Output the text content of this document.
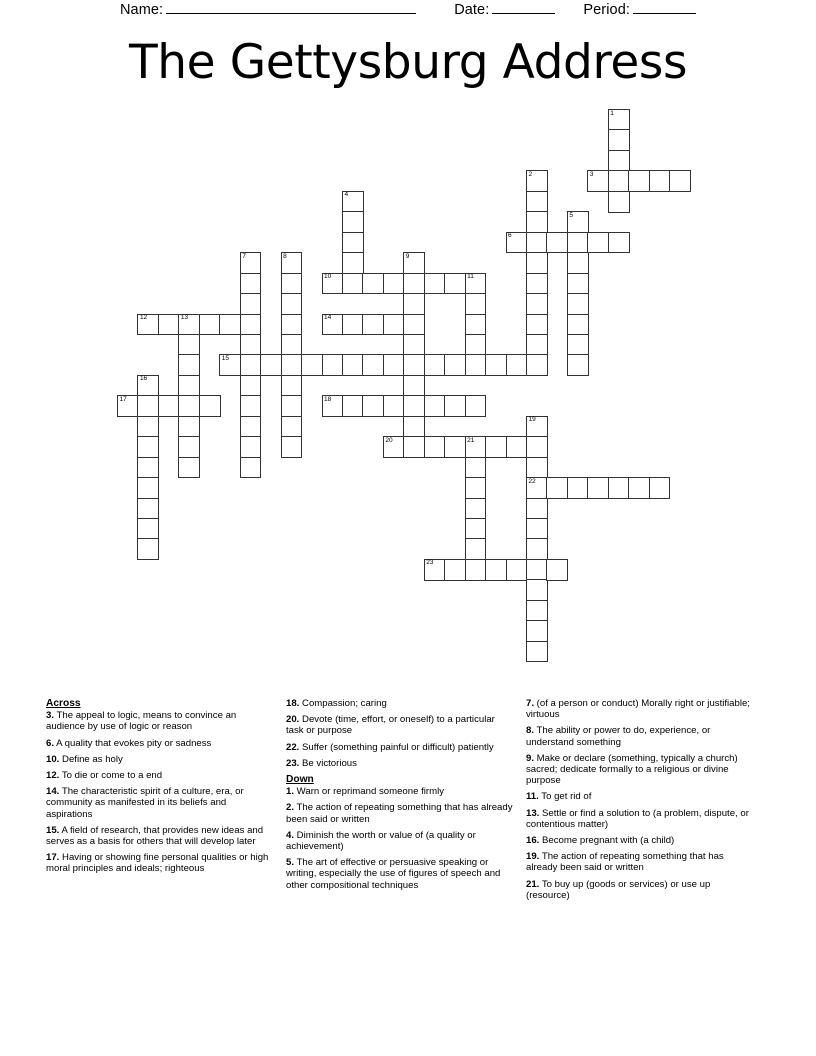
Name:	Date:	Period:
The Gettysburg Address
17
12
16
14
18
10
4
20
9
23
21
11
6
19
22
2
5
3
1
13
15
7	8
Across
3. The appeal to logic, means to convince an audience by use of logic or reason
6. A quality that evokes pity or sadness
10. Define as holy
12. To die or come to a end
14. The characteristic spirit of a culture, era, or community as manifested in its beliefs and aspirations
15. A field of research, that provides new ideas and serves as a basis for others that will develop later
17. Having or showing fine personal qualities or high moral principles and ideals; righteous
18. Compassion; caring
20. Devote (time, effort, or oneself) to a particular task or purpose
22. Suffer (something painful or difficult) patiently
23. Be victorious
Down
1. Warn or reprimand someone firmly
2. The action of repeating something that has already been said or written
4. Diminish the worth or value of (a quality or achievement)
5. The art of effective or persuasive speaking or writing, especially the use of figures of speech and other compositional techniques
7. (of a person or conduct) Morally right or justifiable; virtuous
8. The ability or power to do, experience, or understand something
9. Make or declare (something, typically a church) sacred; dedicate formally to a religious or divine purpose
11. To get rid of
13. Settle or find a solution to (a problem, dispute, or contentious matter)
16. Become pregnant with (a child)
19. The action of repeating something that has already been said or written
21. To buy up (goods or services) or use up (resource)
